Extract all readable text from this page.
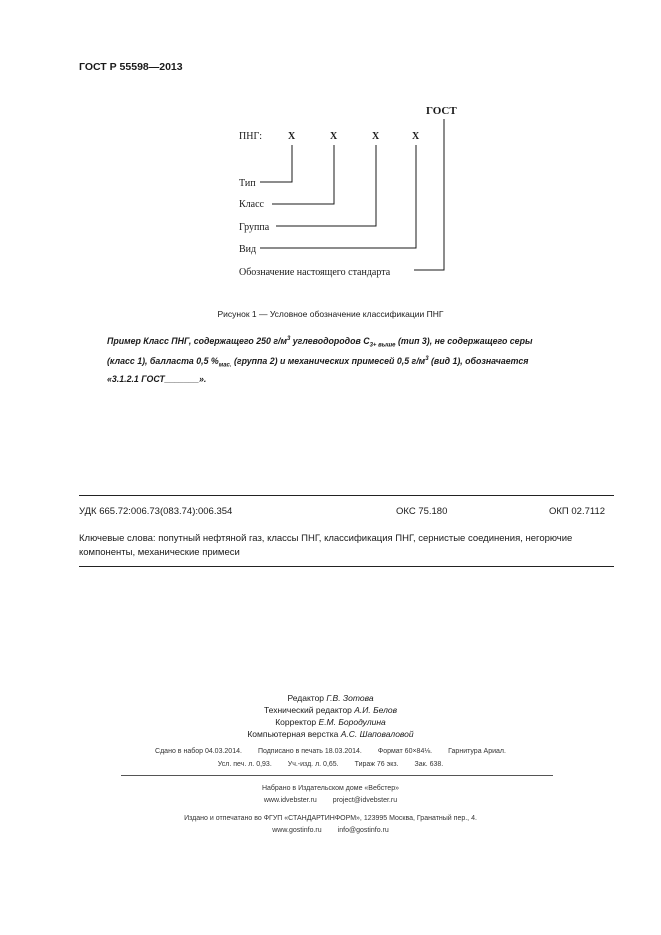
ГОСТ Р 55598—2013
ГОСТ
ПНГ:	X	X	X	X
Тип
Класс
Группа
Вид
Обозначение настоящего стандарта
Рисунок 1 — Условное обозначение классификации ПНГ

Пример Класс ПНГ, содержащего 250 $г/м^3$ углеводородов $С_{3+ выше}$ (тип 3), не содержащего серы

(класс 1), балласта 0,5 $\%_{мас.}$ (группа 2) и механических примесей 0,5 $г/м^3$ (вид 1), обозначается

«3.1.2.1 ГОСТ_______».

УДК 665.72:006.73(083.74):006.354	ОКС 75.180	ОКП 02.7112
Ключевые слова: попутный нефтяной газ, классы ПНГ, классификация ПНГ, сернистые соединения, негорючие компоненты, механические примеси
Редактор Г.В. Зотова
Технический редактор А.И. Белов
Корректор Е.М. Бородулина
Компьютерная верстка А.С. Шаповаловой
Сдано в набор 04.03.2014. Подписано в печать 18.03.2014. Формат 60×84⅛. Гарнитура Ариал.
Усл. печ. л. 0,93. Уч.-изд. л. 0,65. Тираж 76 экз. Зак. 638.
Набрано в Издательском доме «Вебстер»
www.idvebster.ru project@idvebster.ru
Издано и отпечатано во ФГУП «СТАНДАРТИНФОРМ», 123995 Москва, Гранатный пер., 4.
www.gostinfo.ru info@gostinfo.ru
